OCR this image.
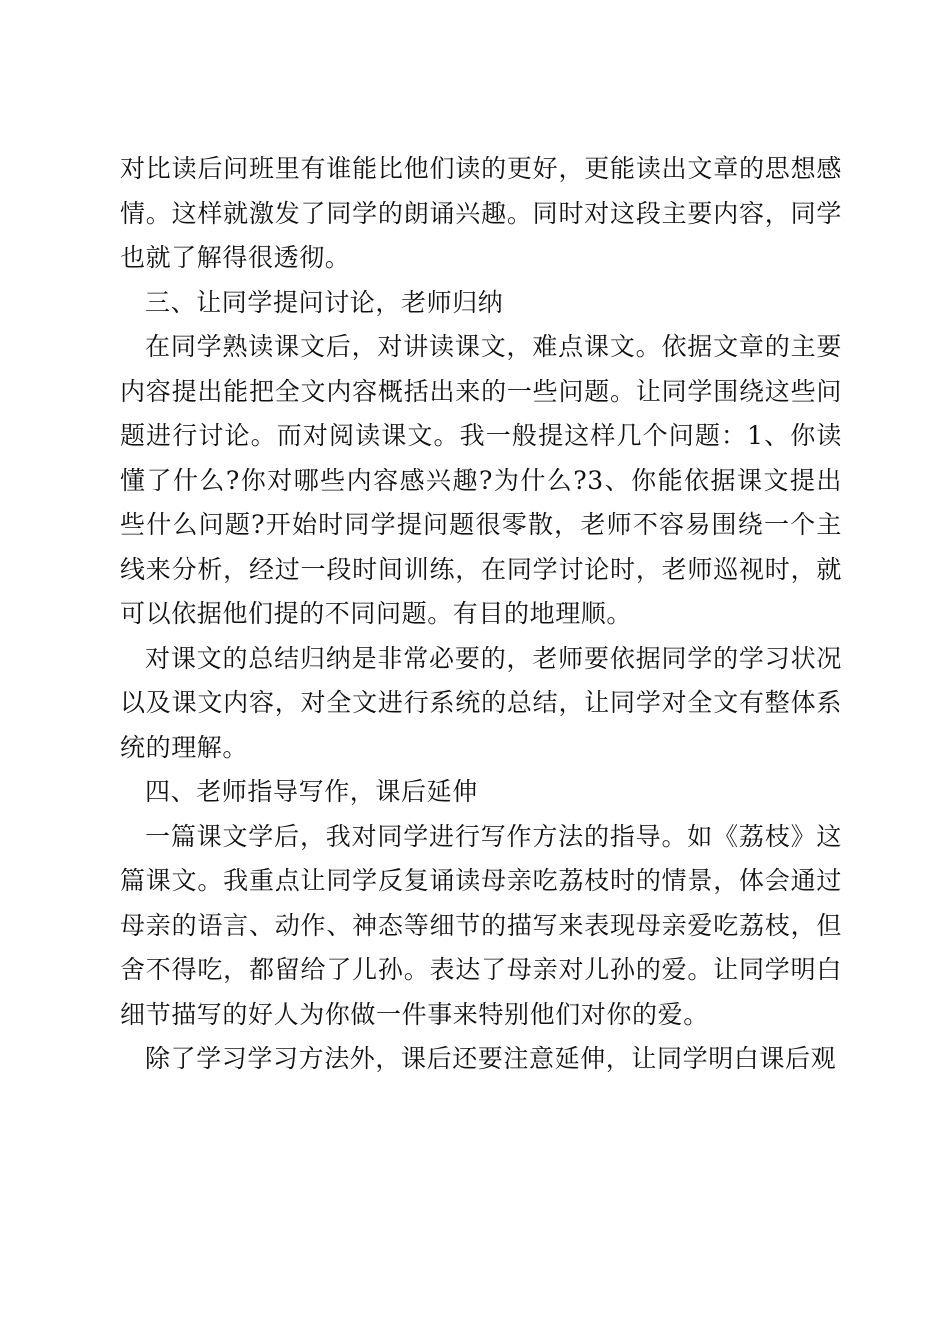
对比读后问班里有谁能比他们读的更好，更能读出文章的思想感情。这样就激发了同学的朗诵兴趣。同时对这段主要内容，同学也就了解得很透彻。

三、让同学提问讨论，老师归纳

在同学熟读课文后，对讲读课文，难点课文。依据文章的主要内容提出能把全文内容概括出来的一些问题。让同学围绕这些问题进行讨论。而对阅读课文。我一般提这样几个问题：1、你读懂了什么?你对哪些内容感兴趣?为什么?3、你能依据课文提出些什么问题?开始时同学提问题很零散，老师不容易围绕一个主线来分析，经过一段时间训练，在同学讨论时，老师巡视时，就可以依据他们提的不同问题。有目的地理顺。

对课文的总结归纳是非常必要的，老师要依据同学的学习状况以及课文内容，对全文进行系统的总结，让同学对全文有整体系统的理解。

四、老师指导写作，课后延伸

一篇课文学后，我对同学进行写作方法的指导。如《荔枝》这篇课文。我重点让同学反复诵读母亲吃荔枝时的情景，体会通过母亲的语言、动作、神态等细节的描写来表现母亲爱吃荔枝，但舍不得吃，都留给了儿孙。表达了母亲对儿孙的爱。让同学明白细节描写的好人为你做一件事来特别他们对你的爱。

除了学习学习方法外，课后还要注意延伸，让同学明白课后观
